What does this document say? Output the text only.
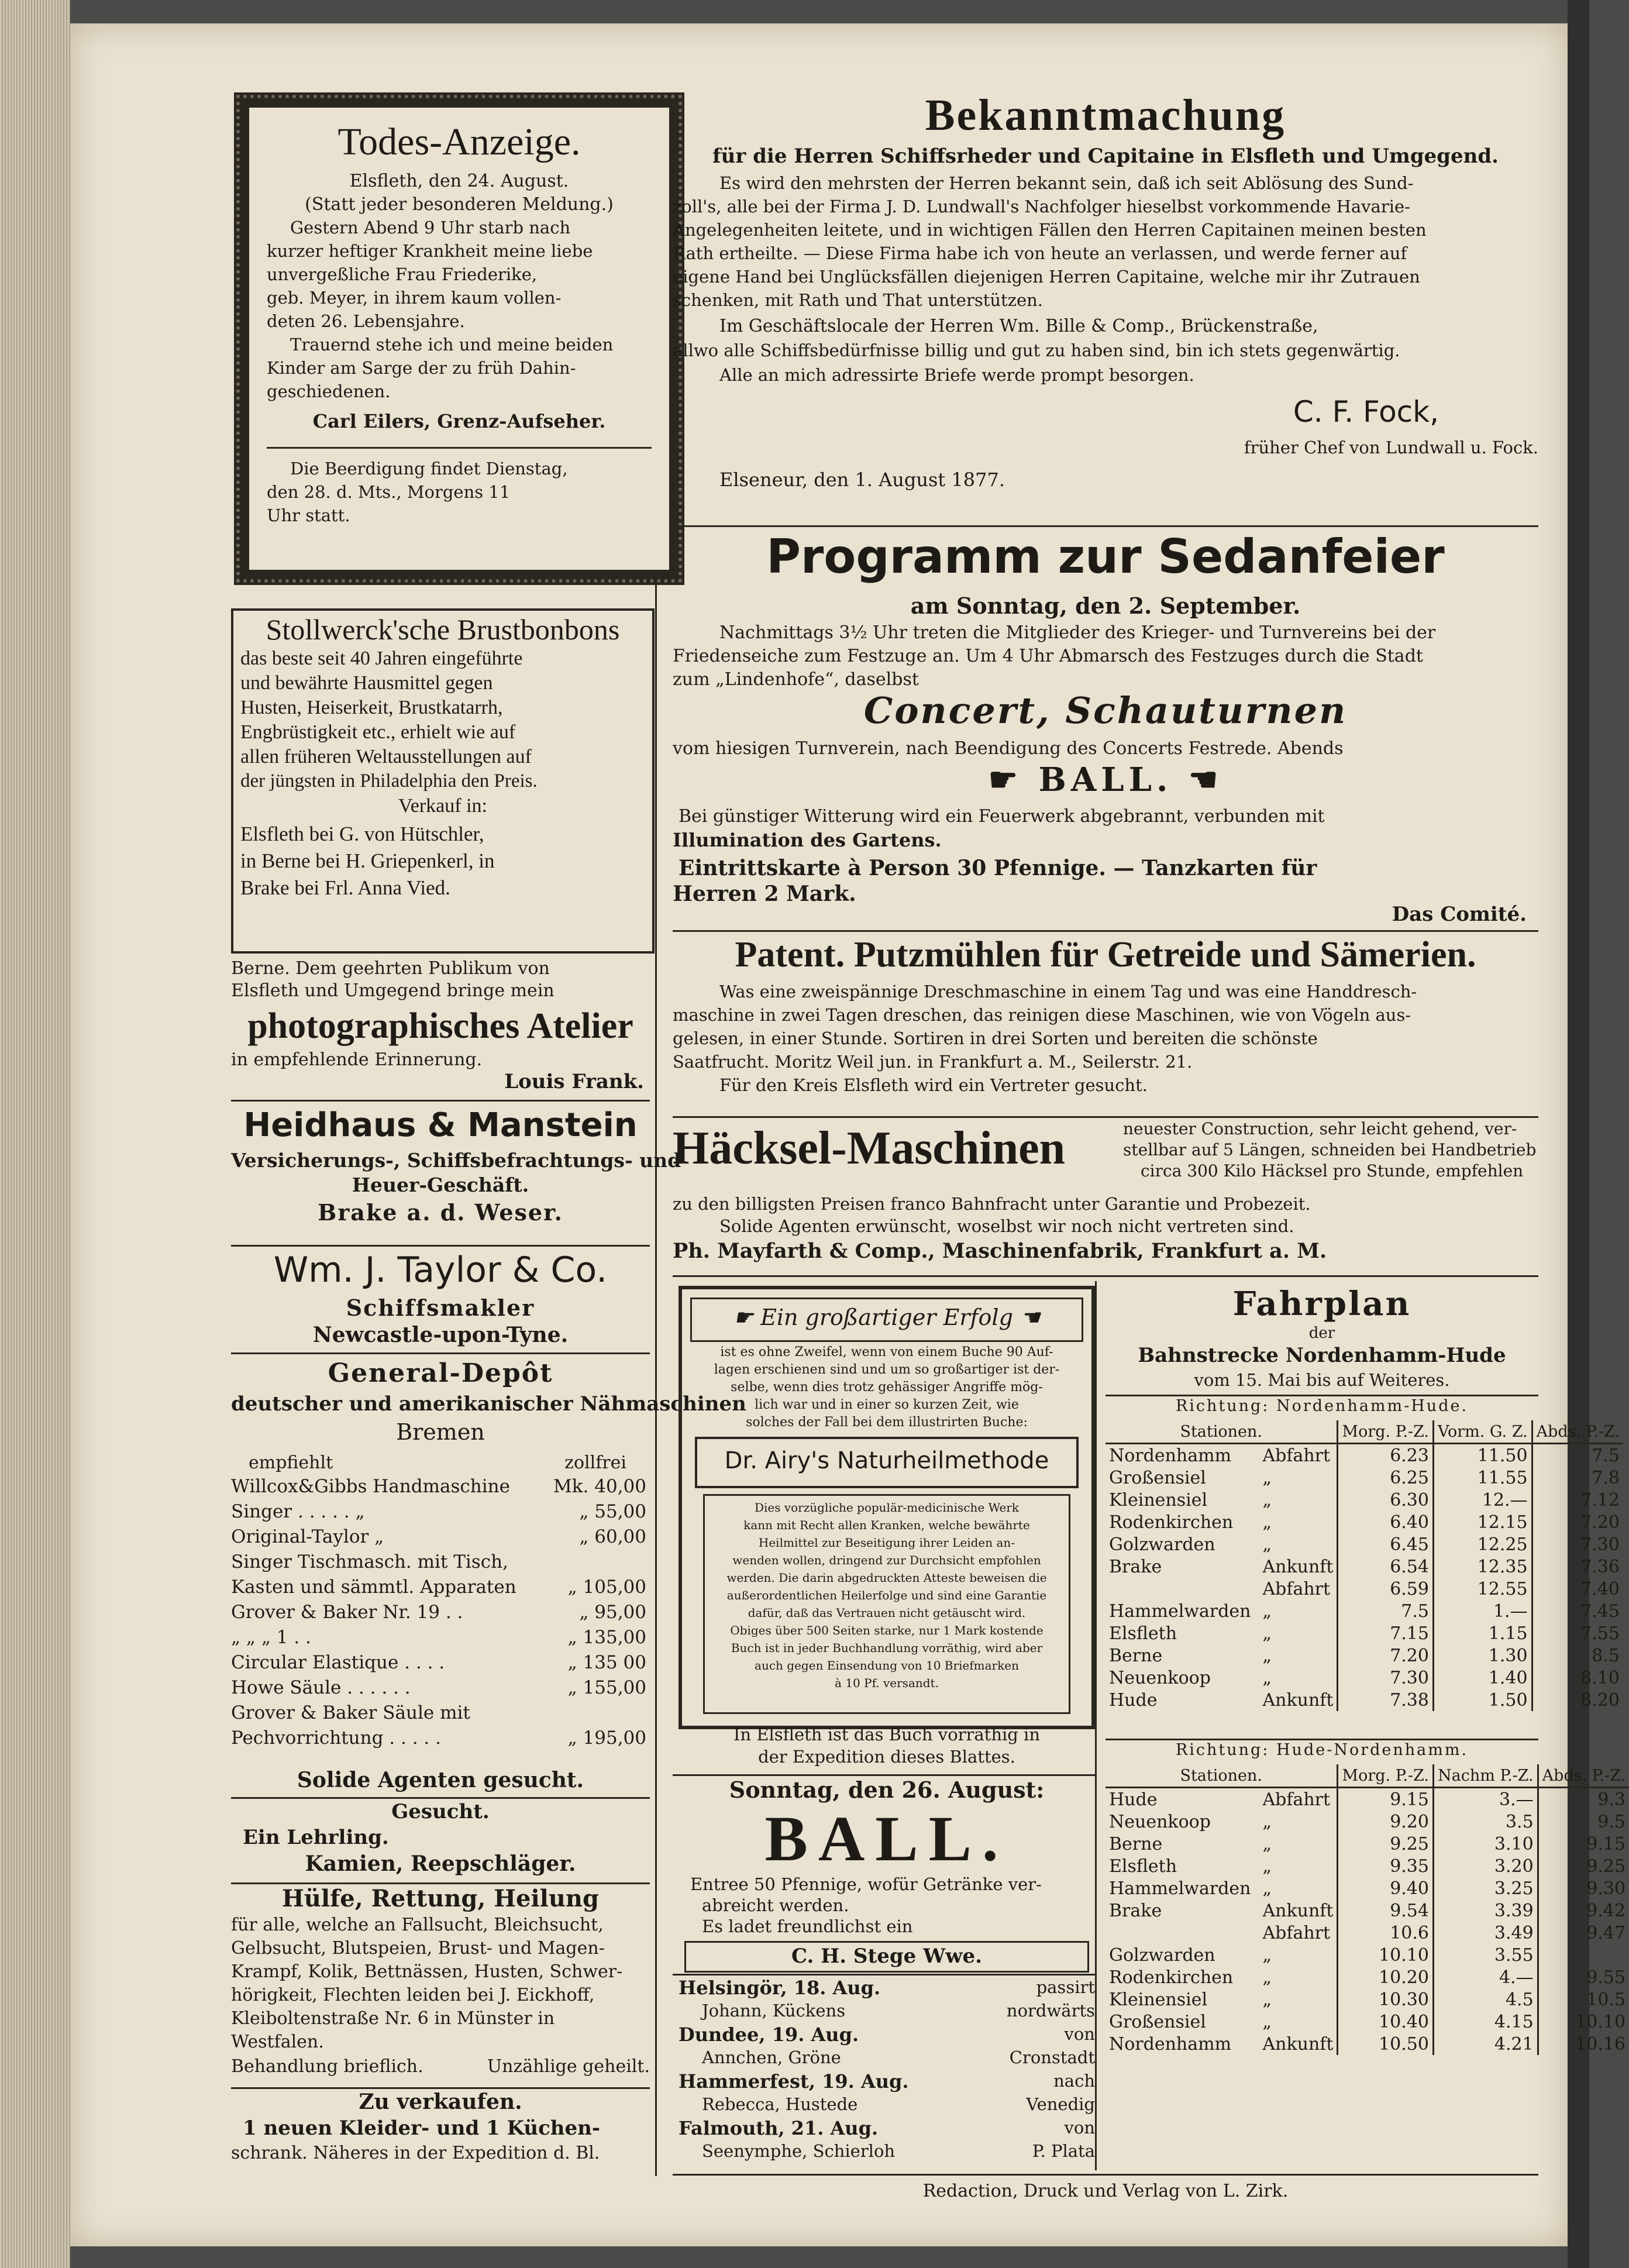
Todes-Anzeige.
Elsfleth, den 24. August.
(Statt jeder besonderen Meldung.)
Gestern Abend 9 Uhr starb nach
kurzer heftiger Krankheit meine liebe
unvergeßliche Frau Friederike,
geb. Meyer, in ihrem kaum vollen-
deten 26. Lebensjahre.
Trauernd stehe ich und meine beiden
Kinder am Sarge der zu früh Dahin-
geschiedenen.
Carl Eilers, Grenz-Aufseher.
Die Beerdigung findet Dienstag,
den 28. d. Mts., Morgens 11
Uhr statt.
Stollwerck'sche Brustbonbons
das beste seit 40 Jahren eingeführte
und bewährte Hausmittel gegen
Husten, Heiserkeit, Brustkatarrh,
Engbrüstigkeit etc., erhielt wie auf
allen früheren Weltausstellungen auf
der jüngsten in Philadelphia den Preis.
Verkauf in:
Elsfleth bei G. von Hütschler,
in Berne bei H. Griepenkerl, in
Brake bei Frl. Anna Vied.
Berne. Dem geehrten Publikum von
Elsfleth und Umgegend bringe mein
photographisches Atelier
in empfehlende Erinnerung.
Louis Frank.
Heidhaus & Manstein
Versicherungs-, Schiffsbefrachtungs- und
Heuer-Geschäft.
Brake a. d. Weser.
Wm. J. Taylor & Co.
Schiffsmakler
Newcastle-upon-Tyne.
General-Depôt
deutscher und amerikanischer Nähmaschinen
Bremen
empfiehlt	zollfrei
Willcox&Gibbs Handmaschine	Mk. 40,00
Singer . . . . . „	„ 55,00
Original-Taylor „	„ 60,00
Singer Tischmasch. mit Tisch,
Kasten und sämmtl. Apparaten	„ 105,00
Grover & Baker Nr. 19 . .	„ 95,00
„ „ „ 1 . .	„ 135,00
Circular Elastique . . . .	„ 135 00
Howe Säule . . . . . .	„ 155,00
Grover & Baker Säule mit
Pechvorrichtung . . . . .	„ 195,00
Solide Agenten gesucht.
Gesucht.
Ein Lehrling.
Kamien, Reepschläger.
Hülfe, Rettung, Heilung
für alle, welche an Fallsucht, Bleichsucht,
Gelbsucht, Blutspeien, Brust- und Magen-
Krampf, Kolik, Bettnässen, Husten, Schwer-
hörigkeit, Flechten leiden bei J. Eickhoff,
Kleiboltenstraße Nr. 6 in Münster in
Westfalen.
Behandlung brieflich.	Unzählige geheilt.
Zu verkaufen.
1 neuen Kleider- und 1 Küchen-
schrank. Näheres in der Expedition d. Bl.
Bekanntmachung
für die Herren Schiffsrheder und Capitaine in Elsfleth und Umgegend.
Es wird den mehrsten der Herren bekannt sein, daß ich seit Ablösung des Sund-
zoll's, alle bei der Firma J. D. Lundwall's Nachfolger hieselbst vorkommende Havarie-
Angelegenheiten leitete, und in wichtigen Fällen den Herren Capitainen meinen besten
Rath ertheilte. — Diese Firma habe ich von heute an verlassen, und werde ferner auf
eigene Hand bei Unglücksfällen diejenigen Herren Capitaine, welche mir ihr Zutrauen
schenken, mit Rath und That unterstützen.
Im Geschäftslocale der Herren Wm. Bille & Comp., Brückenstraße,
allwo alle Schiffsbedürfnisse billig und gut zu haben sind, bin ich stets gegenwärtig.
Alle an mich adressirte Briefe werde prompt besorgen.
C. F. Fock,
früher Chef von Lundwall u. Fock.
Elseneur, den 1. August 1877.
Programm zur Sedanfeier
am Sonntag, den 2. September.
Nachmittags 3½ Uhr treten die Mitglieder des Krieger- und Turnvereins bei der
Friedenseiche zum Festzuge an. Um 4 Uhr Abmarsch des Festzuges durch die Stadt
zum „Lindenhofe“, daselbst
Concert, Schauturnen
vom hiesigen Turnverein, nach Beendigung des Concerts Festrede. Abends
☛ BALL. ☚
Bei günstiger Witterung wird ein Feuerwerk abgebrannt, verbunden mit
Illumination des Gartens.
Eintrittskarte à Person 30 Pfennige. — Tanzkarten für
Herren 2 Mark.
Das Comité.
Patent. Putzmühlen für Getreide und Sämerien.
Was eine zweispännige Dreschmaschine in einem Tag und was eine Handdresch-
maschine in zwei Tagen dreschen, das reinigen diese Maschinen, wie von Vögeln aus-
gelesen, in einer Stunde. Sortiren in drei Sorten und bereiten die schönste
Saatfrucht. Moritz Weil jun. in Frankfurt a. M., Seilerstr. 21.
Für den Kreis Elsfleth wird ein Vertreter gesucht.
Häcksel-Maschinen	neuester Construction, sehr leicht gehend, ver-
stellbar auf 5 Längen, schneiden bei Handbetrieb
circa 300 Kilo Häcksel pro Stunde, empfehlen
zu den billigsten Preisen franco Bahnfracht unter Garantie und Probezeit.
Solide Agenten erwünscht, woselbst wir noch nicht vertreten sind.
Ph. Mayfarth & Comp., Maschinenfabrik, Frankfurt a. M.
☛ Ein großartiger Erfolg ☚
ist es ohne Zweifel, wenn von einem Buche 90 Auf-
lagen erschienen sind und um so großartiger ist der-
selbe, wenn dies trotz gehässiger Angriffe mög-
lich war und in einer so kurzen Zeit, wie
solches der Fall bei dem illustrirten Buche:
Dr. Airy's Naturheilmethode
Dies vorzügliche populär-medicinische Werk
kann mit Recht allen Kranken, welche bewährte
Heilmittel zur Beseitigung ihrer Leiden an-
wenden wollen, dringend zur Durchsicht empfohlen
werden. Die darin abgedruckten Atteste beweisen die
außerordentlichen Heilerfolge und sind eine Garantie
dafür, daß das Vertrauen nicht getäuscht wird.
Obiges über 500 Seiten starke, nur 1 Mark kostende
Buch ist in jeder Buchhandlung vorräthig, wird aber
auch gegen Einsendung von 10 Briefmarken
à 10 Pf. versandt.
In Elsfleth ist das Buch vorräthig in
der Expedition dieses Blattes.
Sonntag, den 26. August:
BALL.
Entree 50 Pfennige, wofür Getränke ver-
abreicht werden.
Es ladet freundlichst ein
C. H. Stege Wwe.
Helsingör, 18. Aug.	passirt
Johann, Kückens	nordwärts
Dundee, 19. Aug.	von
Annchen, Gröne	Cronstadt
Hammerfest, 19. Aug.	nach
Rebecca, Hustede	Venedig
Falmouth, 21. Aug.	von
Seenymphe, Schierloh	P. Plata
Fahrplan
der
Bahnstrecke Nordenhamm-Hude
vom 15. Mai bis auf Weiteres.
Richtung: Nordenhamm-Hude.
Stationen.		Morg. P.-Z.	Vorm. G. Z.	Abds. P.-Z.
Nordenhamm	Abfahrt	6.23	11.50	7.5
Großensiel	„	6.25	11.55	7.8
Kleinensiel	„	6.30	12.—	7.12
Rodenkirchen	„	6.40	12.15	7.20
Golzwarden	„	6.45	12.25	7.30
Brake	Ankunft	6.54	12.35	7.36
	Abfahrt	6.59	12.55	7.40
Hammelwarden	„	7.5	1.—	7.45
Elsfleth	„	7.15	1.15	7.55
Berne	„	7.20	1.30	8.5
Neuenkoop	„	7.30	1.40	8.10
Hude	Ankunft	7.38	1.50	8.20
Richtung: Hude-Nordenhamm.
Stationen.		Morg. P.-Z.	Nachm P.-Z.	Abds. P.-Z.
Hude	Abfahrt	9.15	3.—	9.3
Neuenkoop	„	9.20	3.5	9.5
Berne	„	9.25	3.10	9.15
Elsfleth	„	9.35	3.20	9.25
Hammelwarden	„	9.40	3.25	9.30
Brake	Ankunft	9.54	3.39	9.42
	Abfahrt	10.6	3.49	9.47
Golzwarden	„	10.10	3.55	
Rodenkirchen	„	10.20	4.—	9.55
Kleinensiel	„	10.30	4.5	10.5
Großensiel	„	10.40	4.15	10.10
Nordenhamm	Ankunft	10.50	4.21	10.16
Redaction, Druck und Verlag von L. Zirk.
